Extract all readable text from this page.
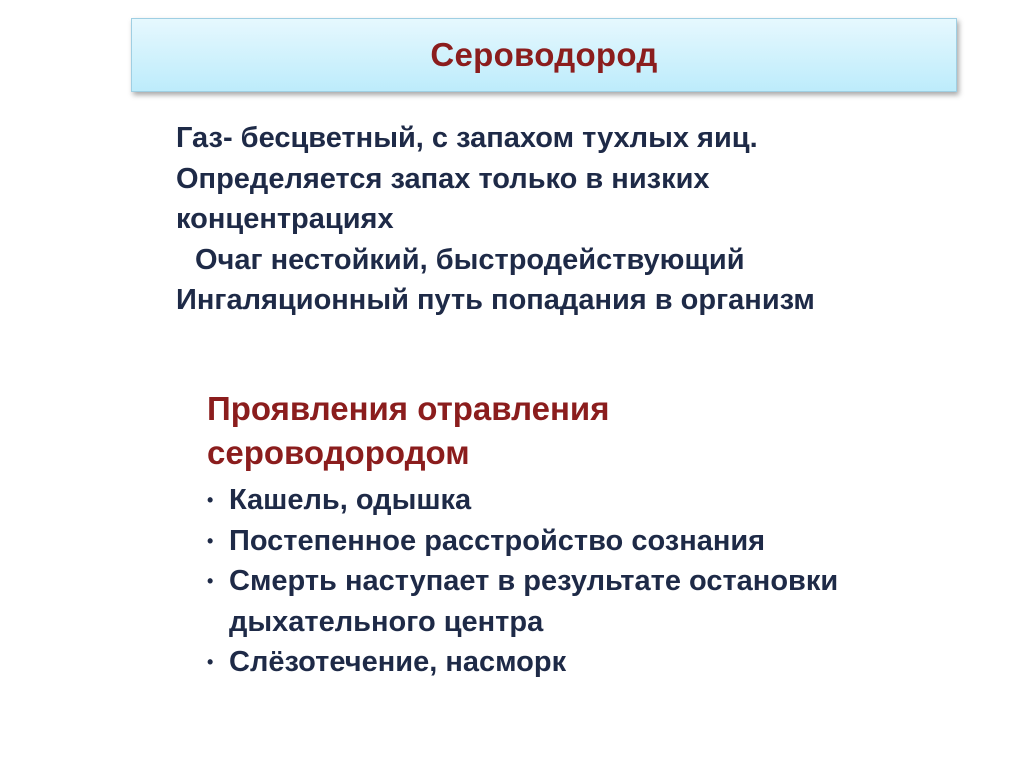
Сероводород
Газ- бесцветный, с запахом тухлых яиц.
Определяется запах только в низких
концентрациях
Очаг нестойкий, быстродействующий
Ингаляционный путь попадания в организм
Проявления отравления
сероводородом
• Кашель, одышка
• Постепенное расстройство сознания
• Смерть наступает в результате остановки дыхательного центра
• Слёзотечение, насморк
